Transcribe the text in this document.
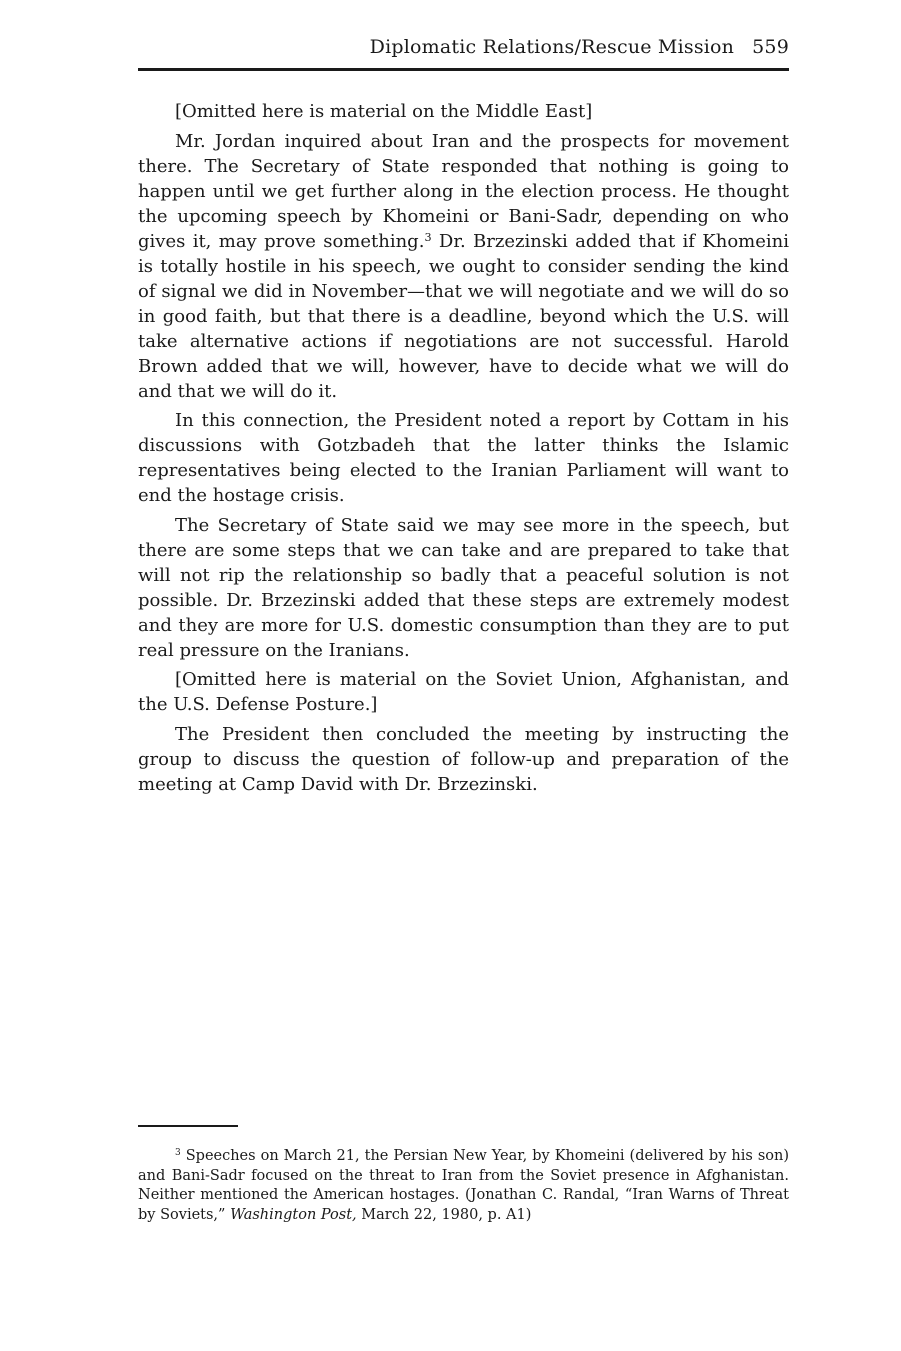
Diplomatic Relations/Rescue Mission 559

[Omitted here is material on the Middle East]

Mr. Jordan inquired about Iran and the prospects for movement there. The Secretary of State responded that nothing is going to happen until we get further along in the election process. He thought the upcoming speech by Khomeini or Bani-Sadr, depending on who gives it, may prove something.$^3$ Dr. Brzezinski added that if Khomeini is totally hostile in his speech, we ought to consider sending the kind of signal we did in November—that we will negotiate and we will do so in good faith, but that there is a deadline, beyond which the U.S. will take alternative actions if negotiations are not successful. Harold Brown added that we will, however, have to decide what we will do and that we will do it.

In this connection, the President noted a report by Cottam in his discussions with Gotzbadeh that the latter thinks the Islamic representatives being elected to the Iranian Parliament will want to end the hostage crisis.

The Secretary of State said we may see more in the speech, but there are some steps that we can take and are prepared to take that will not rip the relationship so badly that a peaceful solution is not possible. Dr. Brzezinski added that these steps are extremely modest and they are more for U.S. domestic consumption than they are to put real pressure on the Iranians.

[Omitted here is material on the Soviet Union, Afghanistan, and the U.S. Defense Posture.]

The President then concluded the meeting by instructing the group to discuss the question of follow-up and preparation of the meeting at Camp David with Dr. Brzezinski.

$^3$ Speeches on March 21, the Persian New Year, by Khomeini (delivered by his son) and Bani-Sadr focused on the threat to Iran from the Soviet presence in Afghanistan. Neither mentioned the American hostages. (Jonathan C. Randal, “Iran Warns of Threat by Soviets,” Washington Post, March 22, 1980, p. A1)
